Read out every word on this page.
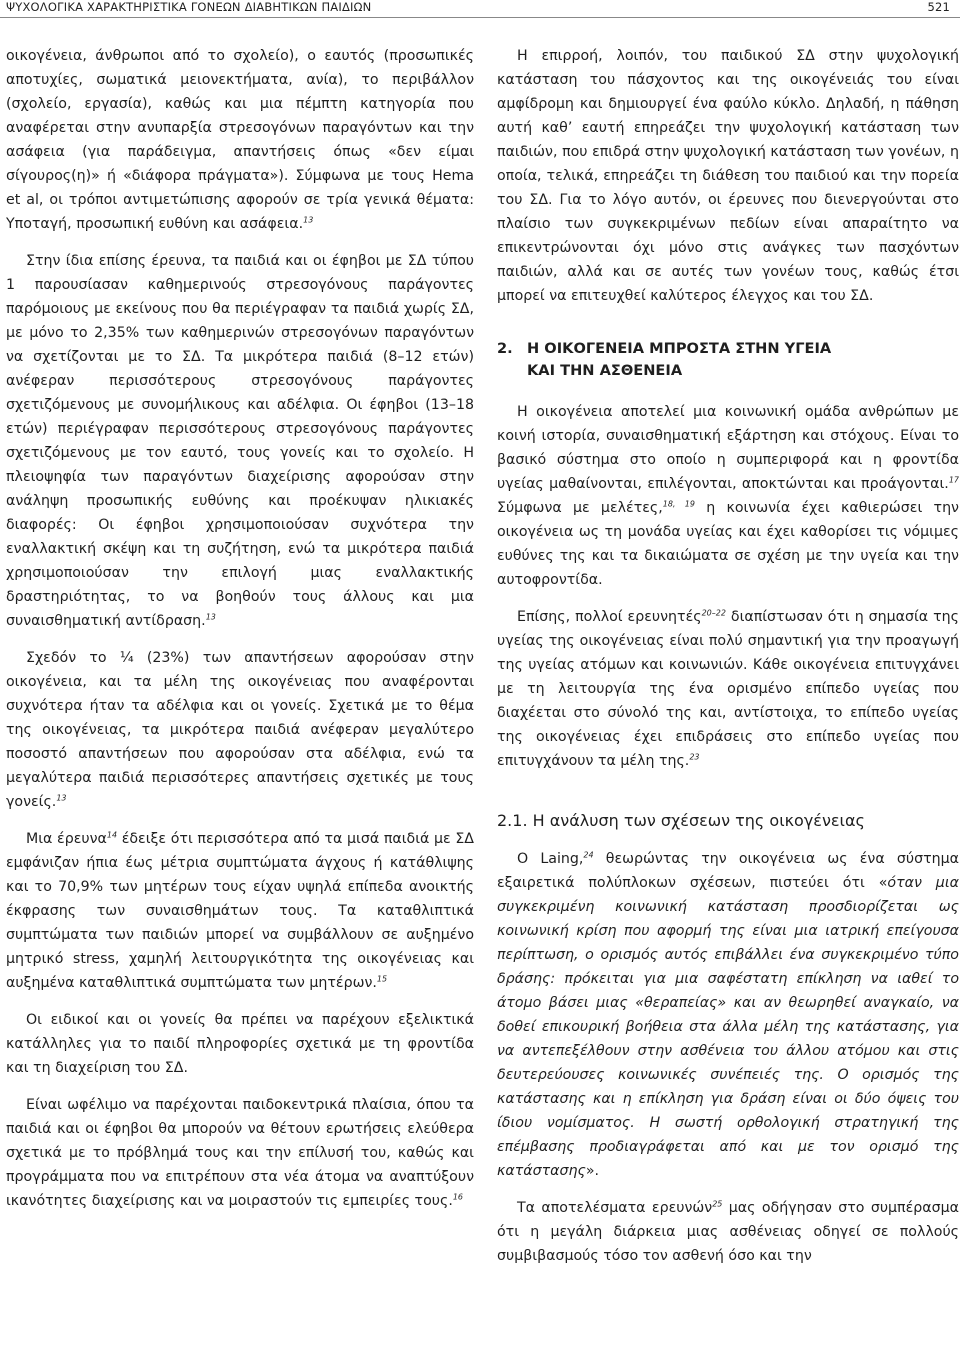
ΨΥΧΟΛΟΓΙΚΑ ΧΑΡΑΚΤΗΡΙΣΤΙΚΑ ΓΟΝΕΩΝ ΔΙΑΒΗΤΙΚΩΝ ΠΑΙΔΙΩΝ	521

οικογένεια, άνθρωποι από το σχολείο), ο εαυτός (προσωπικές αποτυχίες, σωματικά μειονεκτήματα, ανία), το περιβάλλον (σχολείο, εργασία), καθώς και μια πέμπτη κατηγορία που αναφέρεται στην ανυπαρξία στρεσογόνων παραγόντων και την ασάφεια (για παράδειγμα, απαντήσεις όπως «δεν είμαι σίγουρος(η)» ή «διάφορα πράγματα»). Σύμφωνα με τους Hema et al, οι τρόποι αντιμετώπισης αφορούν σε τρία γενικά θέματα: Υποταγή, προσωπική ευθύνη και ασάφεια.$^{13}$

Στην ίδια επίσης έρευνα, τα παιδιά και οι έφηβοι με ΣΔ τύπου 1 παρουσίασαν καθημερινούς στρεσογόνους παράγοντες παρόμοιους με εκείνους που θα περιέγραφαν τα παιδιά χωρίς ΣΔ, με μόνο το 2,35% των καθημερινών στρεσογόνων παραγόντων να σχετίζονται με το ΣΔ. Τα μικρότερα παιδιά (8–12 ετών) ανέφεραν περισσότερους στρεσογόνους παράγοντες σχετιζόμενους με συνομήλικους και αδέλφια. Οι έφηβοι (13–18 ετών) περιέγραφαν περισσότερους στρεσογόνους παράγοντες σχετιζόμενους με τον εαυτό, τους γονείς και το σχολείο. Η πλειοψηφία των παραγόντων διαχείρισης αφορούσαν στην ανάληψη προσωπικής ευθύνης και προέκυψαν ηλικιακές διαφορές: Οι έφηβοι χρησιμοποιούσαν συχνότερα την εναλλακτική σκέψη και τη συζήτηση, ενώ τα μικρότερα παιδιά χρησιμοποιούσαν την επιλογή μιας εναλλακτικής δραστηριότητας, το να βοηθούν τους άλλους και μια συναισθηματική αντίδραση.$^{13}$

Σχεδόν το ¼ (23%) των απαντήσεων αφορούσαν στην οικογένεια, και τα μέλη της οικογένειας που αναφέρονται συχνότερα ήταν τα αδέλφια και οι γονείς. Σχετικά με το θέμα της οικογένειας, τα μικρότερα παιδιά ανέφεραν μεγαλύτερο ποσοστό απαντήσεων που αφορούσαν στα αδέλφια, ενώ τα μεγαλύτερα παιδιά περισσότερες απαντήσεις σχετικές με τους γονείς.$^{13}$

Μια έρευνα$^{14}$ έδειξε ότι περισσότερα από τα μισά παιδιά με ΣΔ εμφάνιζαν ήπια έως μέτρια συμπτώματα άγχους ή κατάθλιψης και το 70,9% των μητέρων τους είχαν υψηλά επίπεδα ανοικτής έκφρασης των συναισθημάτων τους. Τα καταθλιπτικά συμπτώματα των παιδιών μπορεί να συμβάλλουν σε αυξημένο μητρικό stress, χαμηλή λειτουργικότητα της οικογένειας και αυξημένα καταθλιπτικά συμπτώματα των μητέρων.$^{15}$

Οι ειδικοί και οι γονείς θα πρέπει να παρέχουν εξελικτικά κατάλληλες για το παιδί πληροφορίες σχετικά με τη φροντίδα και τη διαχείριση του ΣΔ.

Είναι ωφέλιμο να παρέχονται παιδοκεντρικά πλαίσια, όπου τα παιδιά και οι έφηβοι θα μπορούν να θέτουν ερωτήσεις ελεύθερα σχετικά με το πρόβλημά τους και την επίλυσή του, καθώς και προγράμματα που να επιτρέπουν στα νέα άτομα να αναπτύξουν ικανότητες διαχείρισης και να μοιραστούν τις εμπειρίες τους.$^{16}$

Η επιρροή, λοιπόν, του παιδικού ΣΔ στην ψυχολογική κατάσταση του πάσχοντος και της οικογένειάς του είναι αμφίδρομη και δημιουργεί ένα φαύλο κύκλο. Δηλαδή, η πάθηση αυτή καθ’ εαυτή επηρεάζει την ψυχολογική κατάσταση των παιδιών, που επιδρά στην ψυχολογική κατάσταση των γονέων, η οποία, τελικά, επηρεάζει τη διάθεση του παιδιού και την πορεία του ΣΔ. Για το λόγο αυτόν, οι έρευνες που διενεργούνται στο πλαίσιο των συγκεκριμένων πεδίων είναι απαραίτητο να επικεντρώνονται όχι μόνο στις ανάγκες των πασχόντων παιδιών, αλλά και σε αυτές των γονέων τους, καθώς έτσι μπορεί να επιτευχθεί καλύτερος έλεγχος και του ΣΔ.

2. Η ΟΙΚΟΓΕΝΕΙΑ ΜΠΡΟΣΤΑ ΣΤΗΝ ΥΓΕΙΑ
ΚΑΙ ΤΗΝ ΑΣΘΕΝΕΙΑ

Η οικογένεια αποτελεί μια κοινωνική ομάδα ανθρώπων με κοινή ιστορία, συναισθηματική εξάρτηση και στόχους. Είναι το βασικό σύστημα στο οποίο η συμπεριφορά και η φροντίδα υγείας μαθαίνονται, επιλέγονται, αποκτώνται και προάγονται.$^{17}$ Σύμφωνα με μελέτες,$^{18, 19}$ η κοινωνία έχει καθιερώσει την οικογένεια ως τη μονάδα υγείας και έχει καθορίσει τις νόμιμες ευθύνες της και τα δικαιώματα σε σχέση με την υγεία και την αυτοφροντίδα.

Επίσης, πολλοί ερευνητές$^{20-22}$ διαπίστωσαν ότι η σημασία της υγείας της οικογένειας είναι πολύ σημαντική για την προαγωγή της υγείας ατόμων και κοινωνιών. Κάθε οικογένεια επιτυγχάνει με τη λειτουργία της ένα ορισμένο επίπεδο υγείας που διαχέεται στο σύνολό της και, αντίστοιχα, το επίπεδο υγείας της οικογένειας έχει επιδράσεις στο επίπεδο υγείας που επιτυγχάνουν τα μέλη της.$^{23}$

2.1. Η ανάλυση των σχέσεων της οικογένειας

Ο Laing,$^{24}$ θεωρώντας την οικογένεια ως ένα σύστημα εξαιρετικά πολύπλοκων σχέσεων, πιστεύει ότι «όταν μια συγκεκριμένη κοινωνική κατάσταση προσδιορίζεται ως κοινωνική κρίση που αφορμή της είναι μια ιατρική επείγουσα περίπτωση, ο ορισμός αυτός επιβάλλει ένα συγκεκριμένο τύπο δράσης: πρόκειται για μια σαφέστατη επίκληση να ιαθεί το άτομο βάσει μιας «θεραπείας» και αν θεωρηθεί αναγκαίο, να δοθεί επικουρική βοήθεια στα άλλα μέλη της κατάστασης, για να αντεπεξέλθουν στην ασθένεια του άλλου ατόμου και στις δευτερεύουσες κοινωνικές συνέπειές της. Ο ορισμός της κατάστασης και η επίκληση για δράση είναι οι δύο όψεις του ίδιου νομίσματος. Η σωστή ορθολογική στρατηγική της επέμβασης προδιαγράφεται από και με τον ορισμό της κατάστασης».

Τα αποτελέσματα ερευνών$^{25}$ μας οδήγησαν στο συμπέρασμα ότι η μεγάλη διάρκεια μιας ασθένειας οδηγεί σε πολλούς συμβιβασμούς τόσο τον ασθενή όσο και την
